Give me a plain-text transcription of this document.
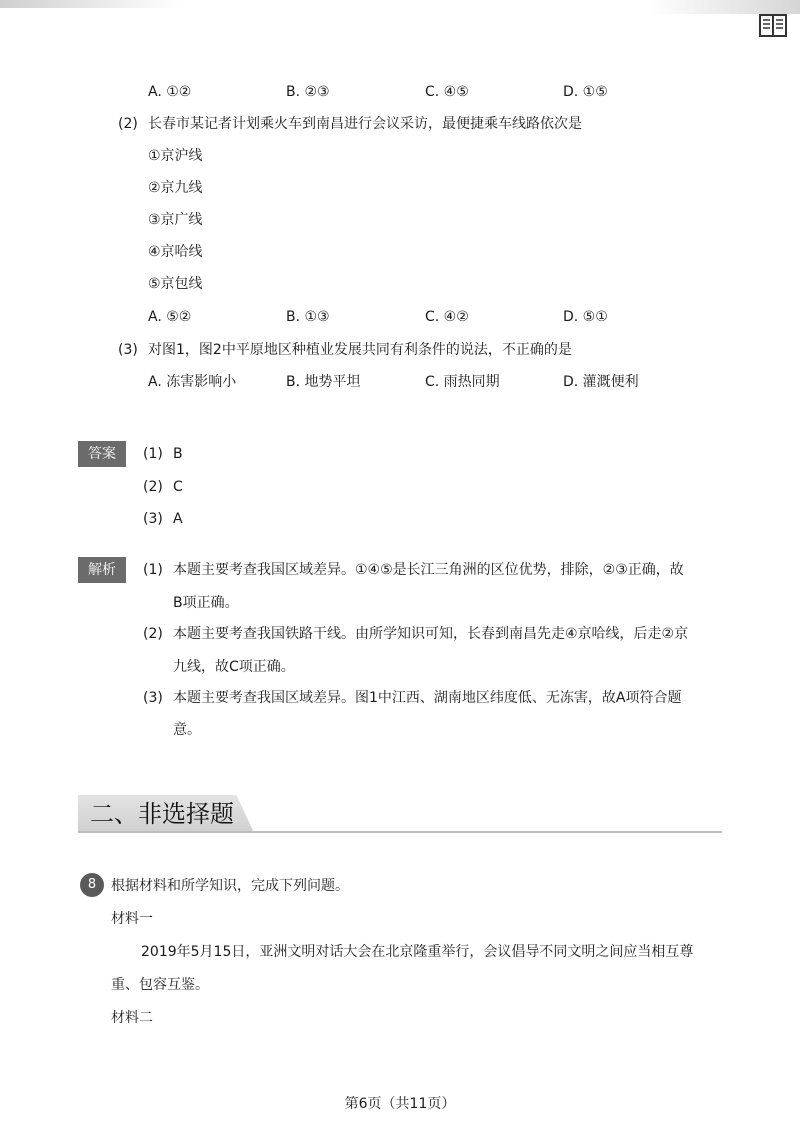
A. ①②	B. ②③	C. ④⑤	D. ①⑤
(2) 长春市某记者计划乘火车到南昌进行会议采访，最便捷乘车线路依次是
①京沪线
②京九线
③京广线
④京哈线
⑤京包线
A. ⑤②	B. ①③	C. ④②	D. ⑤①
(3) 对图1，图2中平原地区种植业发展共同有利条件的说法，不正确的是
A. 冻害影响小	B. 地势平坦	C. 雨热同期	D. 灌溉便利
答案	(1) B
(2) C
(3) A
解析	(1) 本题主要考查我国区域差异。①④⑤是长江三角洲的区位优势，排除，②③正确，故
B项正确。
(2) 本题主要考查我国铁路干线。由所学知识可知，长春到南昌先走④京哈线，后走②京
九线，故C项正确。
(3) 本题主要考查我国区域差异。图1中江西、湖南地区纬度低、无冻害，故A项符合题
意。
二、非选择题
8	根据材料和所学知识，完成下列问题。
材料一
2019年5月15日，亚洲文明对话大会在北京隆重举行，会议倡导不同文明之间应当相互尊
重、包容互鉴。
材料二
第6页（共11页）
